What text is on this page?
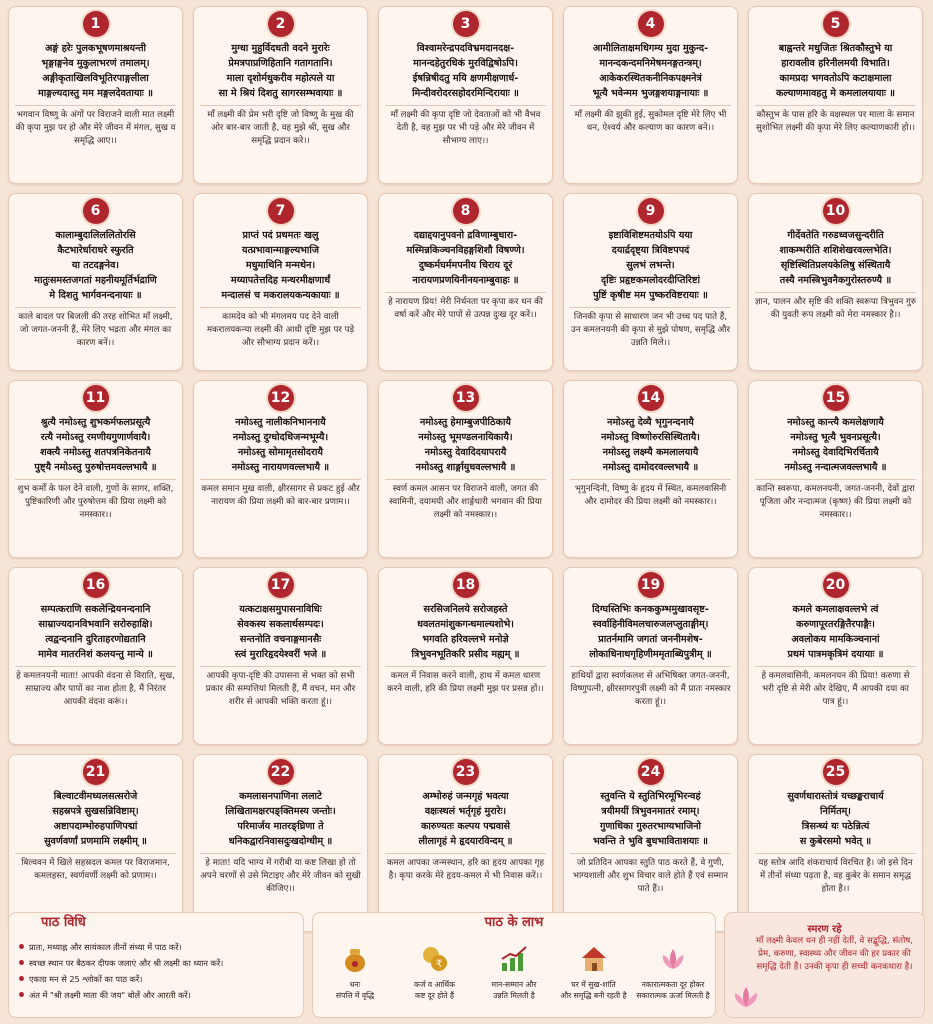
1
अङ्गं हरेः पुलकभूषणमाश्रयन्ती
भृङ्गाङ्गनेव मुकुलाभरणं तमालम्।
अङ्गीकृताखिलविभूतिरपाङ्गलीला
माङ्गल्यदास्तु मम मङ्गलदेवतायाः ॥
भगवान विष्णु के अंगों पर विराजने वाली मात लक्ष्मी की कृपा मुझ पर हो और मेरे जीवन में मंगल, सुख व समृद्धि आए।।
2
मुग्धा मुहुर्विदधती वदने मुरारेः
प्रेमत्रपाप्रणिहितानि गतागतानि।
माला दृशोर्मधुकरीव महोत्पले या
सा मे श्रियं दिशतु सागरसम्भवायाः ॥
माँ लक्ष्मी की प्रेम भरी दृष्टि जो विष्णु के मुख की ओर बार-बार जाती है, वह मुझे श्री, सुख और समृद्धि प्रदान करे।।
3
विश्वामरेन्द्रपदविभ्रमदानदक्ष-
मानन्दहेतुरधिकं मुरविद्विषोऽपि।
ईषन्निषीदतु मयि क्षणमीक्षणार्ध-
मिन्दीवरोदरसहोदरमिन्दिरायाः ॥
माँ लक्ष्मी की कृपा दृष्टि जो देवताओं को भी वैभव देती है, वह मुझ पर भी पड़े और मेरे जीवन में सौभाग्य लाए।।
4
आमीलिताक्षमधिगम्य मुदा मुकुन्द-
मानन्दकन्दमनिमेषमनङ्गतन्त्रम्।
आकेकरस्थितकनीनिकपक्ष्मनेत्रं
भूत्यै भवेन्मम भुजङ्गशयाङ्गनायाः ॥
माँ लक्ष्मी की झुकी हुई, सुकोमल दृष्टि मेरे लिए भी धन, ऐश्वर्य और कल्याण का कारण बने।।
5
बाह्वन्तरे मधुजितः श्रितकौस्तुभे या
हारावलीव हरिनीलमयी विभाति।
कामप्रदा भगवतोऽपि कटाक्षमाला
कल्याणमावहतु मे कमलालयायाः ॥
कौस्तुभ के पास हरि के वक्षस्थल पर माला के समान सुशोभित लक्ष्मी की कृपा मेरे लिए कल्याणकारी हो।।
6
कालाम्बुदालिललितोरसि
कैटभारेर्धाराधरे स्फुरति
या तटदङ्गनेव।
मातुःसमस्तजगतां महनीयमूर्तिर्भद्राणि
मे दिशतु भार्गवनन्दनायाः ॥
काले बादल पर बिजली की तरह शोभित माँ लक्ष्मी, जो जगत-जननी हैं, मेरे लिए भद्रता और मंगल का कारण बनें।।
7
प्राप्तं पदं प्रथमतः खलु
यत्प्रभावान्माङ्गल्यभाजि
मधुमाथिनि मन्मथेन।
मय्यापतेत्तदिह मन्थरमीक्षणार्धं
मन्दालसं च मकरालयकन्यकायाः ॥
कामदेव को भी मंगलमय पद देने वाली मकरालयकन्या लक्ष्मी की आधी दृष्टि मुझ पर पड़े और सौभाग्य प्रदान करें।।
8
दद्याद्दयानुपवनो द्रविणाम्बुधारा-
मस्मिन्नकिञ्चनविहङ्गशिशौ विषण्णे।
दुष्कर्मघर्ममपनीय चिराय दूरं
नारायणप्रणयिनीनयनाम्बुवाहः ॥
हे नारायण प्रिय! मेरी निर्धनता पर कृपा कर धन की वर्षा करें और मेरे पापों से उत्पन्न दुःख दूर करें।।
9
इष्टाविशिष्टमतयोऽपि यया
दयार्द्रदृष्ट्या त्रिविष्टपपदं
सुलभं लभन्ते।
दृष्टिः प्रहृष्टकमलोदरदीप्तिरिष्टां
पुष्टिं कृषीष्ट मम पुष्करविष्टरायाः ॥
जिनकी कृपा से साधारण जन भी उच्च पद पाते हैं, उन कमलनयनी की कृपा से मुझे पोषण, समृद्धि और उन्नति मिले।।
10
गीर्देवतेति गरुडध्वजसुन्दरीति
शाकम्भरीति शशिशेखरवल्लभेति।
सृष्टिस्थितिप्रलयकेलिषु संस्थितायै
तस्यै नमस्त्रिभुवनैकगुरोस्तरुण्यै ॥
ज्ञान, पालन और सृष्टि की शक्ति स्वरूपा त्रिभुवन गुरु की युवती रूप लक्ष्मी को मेरा नमस्कार है।।
11
श्रुत्यै नमोऽस्तु शुभकर्मफलप्रसूत्यै
रत्यै नमोऽस्तु रमणीयगुणार्णवायै।
शक्त्यै नमोऽस्तु शतपत्रनिकेतनायै
पुष्ट्यै नमोऽस्तु पुरुषोत्तमवल्लभायै ॥
शुभ कर्मों के फल देने वाली, गुणों के सागर, शक्ति, पुष्टिकारिणी और पुरुषोत्तम की प्रिया लक्ष्मी को नमस्कार।।
12
नमोऽस्तु नालीकनिभाननायै
नमोऽस्तु दुग्धोदधिजन्मभूम्यै।
नमोऽस्तु सोमामृतसोदरायै
नमोऽस्तु नारायणवल्लभायै ॥
कमल समान मुख वाली, क्षीरसागर से प्रकट हुई और नारायण की प्रिया लक्ष्मी को बार-बार प्रणाम।।
13
नमोऽस्तु हेमाम्बुजपीठिकायै
नमोऽस्तु भूमण्डलनायिकायै।
नमोऽस्तु देवादिदयापरायै
नमोऽस्तु शार्ङ्गायुधवल्लभायै ॥
स्वर्ण कमल आसन पर विराजने वाली, जगत की स्वामिनी, दयामयी और शार्ङ्गधारी भगवान की प्रिया लक्ष्मी को नमस्कार।।
14
नमोऽस्तु देव्यै भृगुनन्दनायै
नमोऽस्तु विष्णोरुरसिस्थितायै।
नमोऽस्तु लक्ष्म्यै कमलालयायै
नमोऽस्तु दामोदरवल्लभायै ॥
भृगुनन्दिनी, विष्णु के हृदय में स्थित, कमलवासिनी और दामोदर की प्रिया लक्ष्मी को नमस्कार।।
15
नमोऽस्तु कान्त्यै कमलेक्षणायै
नमोऽस्तु भूत्यै भुवनप्रसूत्यै।
नमोऽस्तु देवादिभिरर्चितायै
नमोऽस्तु नन्दात्मजवल्लभायै ॥
कान्ति स्वरूपा, कमलनयनी, जगत-जननी, देवों द्वारा पूजिता और नन्दात्मज (कृष्ण) की प्रिया लक्ष्मी को नमस्कार।।
16
सम्पत्कराणि सकलेन्द्रियनन्दनानि
साम्राज्यदानविभवानि सरोरुहाक्षि।
त्वद्वन्दनानि दुरिताहरणोद्यतानि
मामेव मातरनिशं कलयन्तु मान्ये ॥
हे कमलनयनी माता! आपकी वंदना से विराति, सुख, साम्राज्य और पापों का नाश होता है, मैं निरंतर आपकी वंदना करूं।।
17
यत्कटाक्षसमुपासनाविधिः
सेवकस्य सकलार्थसम्पदः।
सन्तनोति वचनाङ्गमानसैः
स्त्वं मुरारिहृदयेश्वरीं भजे ॥
आपकी कृपा-दृष्टि की उपासना से भक्त को सभी प्रकार की सम्पत्तियां मिलती हैं, मैं वचन, मन और शरीर से आपकी भक्ति करता हूं।।
18
सरसिजनिलये सरोजहस्ते
धवलतमांशुकगन्धमाल्यशोभे।
भगवति हरिवल्लभे मनोज्ञे
त्रिभुवनभूतिकरि प्रसीद मह्यम् ॥
कमल में निवास करने वाली, हाथ में कमल धारण करने वाली, हरि की प्रिया लक्ष्मी मुझ पर प्रसन्न हों।।
19
दिग्घस्तिभिः कनककुम्भमुखावसृष्ट-
स्वर्वाहिनीविमलचारुजलप्लुताङ्गीम्।
प्रातर्नमामि जगतां जननीमशेष-
लोकाधिनाथगृहिणीममृताब्धिपुत्रीम् ॥
हाथियों द्वारा स्वर्णकलश से अभिषिक्त जगत-जननी, विष्णुपत्नी, क्षीरसागरपुत्री लक्ष्मी को मैं प्रातः नमस्कार करता हूं।।
20
कमले कमलाक्षवल्लभे त्वं
करुणापूरतरङ्गितैरपाङ्गैः।
अवलोकय मामकिञ्चनानां
प्रथमं पात्रमकृत्रिमं दयायाः ॥
हे कमलवासिनी, कमलनयन की प्रिया! करुणा से भरी दृष्टि से मेरी ओर देखिए, मैं आपकी दया का पात्र हूं।।
21
बिल्वाटवीमध्यलसत्सरोजे
सहस्रपत्रे सुखसन्निविष्टाम्।
अष्टापदाम्भोरुहपाणिपद्मां
सुवर्णवर्णां प्रणमामि लक्ष्मीम् ॥
बिल्ववन में खिले सहस्रदल कमल पर विराजमान, कमलहस्त, स्वर्णवर्णी लक्ष्मी को प्रणाम।।
22
कमलासनपाणिना ललाटे
लिखितामक्षरपङ्क्तिमस्य जन्तोः।
परिमार्जय मातरङ्घ्रिणा ते
धनिकद्वारनिवासदुःखदोग्धीम् ॥
हे माता! यदि भाग्य में गरीबी या कष्ट लिखा हो तो अपने चरणों से उसे मिटाइए और मेरे जीवन को सुखी कीजिए।।
23
अम्भोरुहं जन्मगृहं भवत्या
वक्षःस्थलं भर्तृगृहं मुरारेः।
कारुण्यतः कल्पय पद्मवासे
लीलागृहं मे हृदयारविन्दम् ॥
कमल आपका जन्मस्थान, हरि का हृदय आपका गृह है। कृपा करके मेरे हृदय-कमल में भी निवास करें।।
24
स्तुवन्ति ये स्तुतिभिरमूभिरन्वहं
त्रयीमयीं त्रिभुवनमातरं रमाम्।
गुणाधिका गुरुतरभाग्यभाजिनो
भवन्ति ते भुवि बुधभाविताशयाः ॥
जो प्रतिदिन आपका स्तुति पाठ करते हैं, वे गुणी, भाग्यशाली और शुभ विचार वाले होते हैं एवं सम्मान पाते हैं।।
25
सुवर्णधारास्तोत्रं यच्छङ्कराचार्य
निर्मितम्।
त्रिसन्ध्यं यः पठेन्नित्यं
स कुबेरसमो भवेत् ॥
यह स्तोत्र आदि शंकराचार्य विरचित है। जो इसे दिन में तीनों संध्या पढ़ता है, वह कुबेर के समान समृद्ध होता है।।
पाठ विधि
प्रातः, मध्याह्न और सायंकाल तीनों संध्या में पाठ करें।
स्वच्छ स्थान पर बैठकर दीपक जलाएं और श्री लक्ष्मी का ध्यान करें।
एकाग्र मन से 25 श्लोकों का पाठ करें।
अंत में "श्री लक्ष्मी माता की जय" बोलें और आरती करें।
पाठ के लाभ
धनः
संपत्ति में वृद्धि
₹
कर्ज व आर्थिक
कष्ट दूर होते हैं
मान-सम्मान और
उन्नति मिलती है
घर में सुख-शांति
और समृद्धि बनी रहती है
नकारात्मकता दूर होकर
सकारात्मक ऊर्जा मिलती है
स्मरण रहे
माँ लक्ष्मी केवल धन ही नहीं देतीं, वे सद्बुद्धि, संतोष, प्रेम, करुणा, स्वास्थ्य और जीवन की हर प्रकार की समृद्धि देती हैं। उनकी कृपा ही सच्ची कनकधारा है।
